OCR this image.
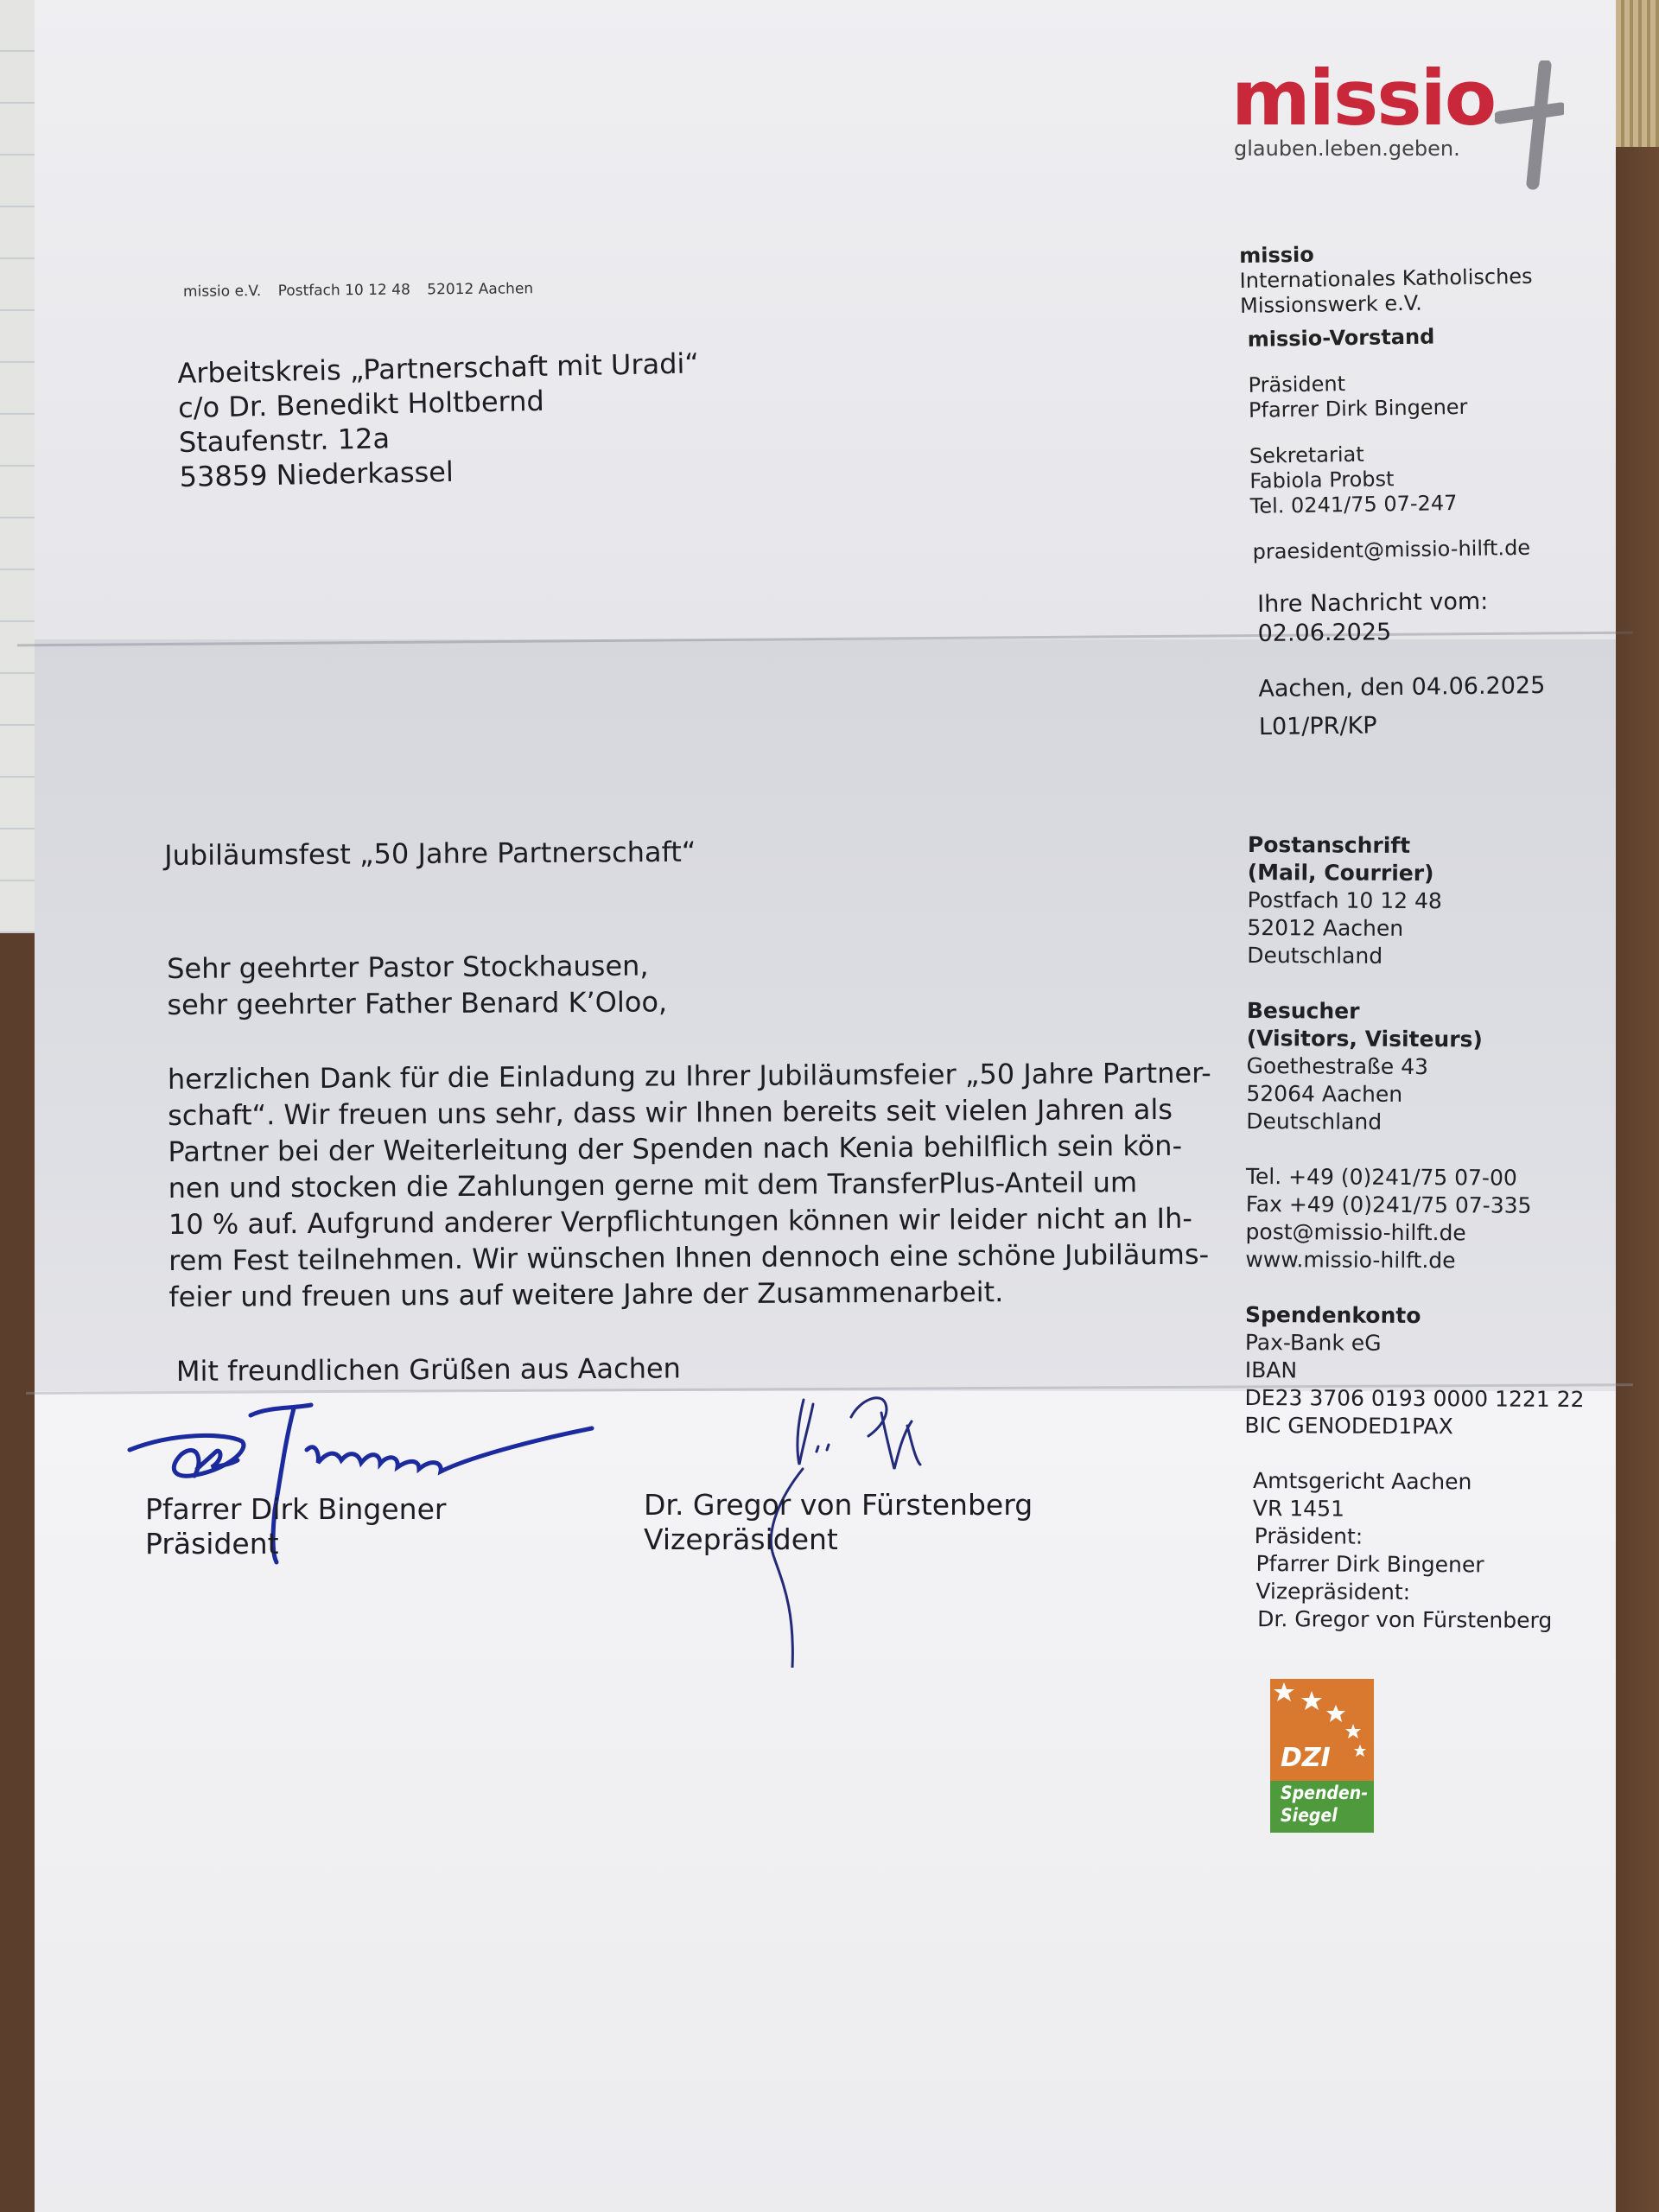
missio
glauben.leben.geben.
missio e.V. Postfach 10 12 48 52012 Aachen
Arbeitskreis „Partnerschaft mit Uradi“
c/o Dr. Benedikt Holtbernd
Staufenstr. 12a
53859 Niederkassel
missio
Internationales Katholisches
Missionswerk e.V.
missio-Vorstand
Präsident
Pfarrer Dirk Bingener
Sekretariat
Fabiola Probst
Tel. 0241/75 07-247
praesident@missio-hilft.de
Ihre Nachricht vom:
02.06.2025
Aachen, den 04.06.2025
L01/PR/KP
Postanschrift
(Mail, Courrier)
Postfach 10 12 48
52012 Aachen
Deutschland
Besucher
(Visitors, Visiteurs)
Goethestraße 43
52064 Aachen
Deutschland
Tel. +49 (0)241/75 07-00
Fax +49 (0)241/75 07-335
post@missio-hilft.de
www.missio-hilft.de
Spendenkonto
Pax-Bank eG
IBAN
DE23 3706 0193 0000 1221 22
BIC GENODED1PAX
Amtsgericht Aachen
VR 1451
Präsident:
Pfarrer Dirk Bingener
Vizepräsident:
Dr. Gregor von Fürstenberg
Jubiläumsfest „50 Jahre Partnerschaft“
Sehr geehrter Pastor Stockhausen,
sehr geehrter Father Benard K’Oloo,
herzlichen Dank für die Einladung zu Ihrer Jubiläumsfeier „50 Jahre Partner-
schaft“. Wir freuen uns sehr, dass wir Ihnen bereits seit vielen Jahren als
Partner bei der Weiterleitung der Spenden nach Kenia behilflich sein kön-
nen und stocken die Zahlungen gerne mit dem TransferPlus-Anteil um
10 % auf. Aufgrund anderer Verpflichtungen können wir leider nicht an Ih-
rem Fest teilnehmen. Wir wünschen Ihnen dennoch eine schöne Jubiläums-
feier und freuen uns auf weitere Jahre der Zusammenarbeit.
Mit freundlichen Grüßen aus Aachen
Pfarrer Dirk Bingener
Präsident
Dr. Gregor von Fürstenberg
Vizepräsident
DZI
Spenden-
Siegel
